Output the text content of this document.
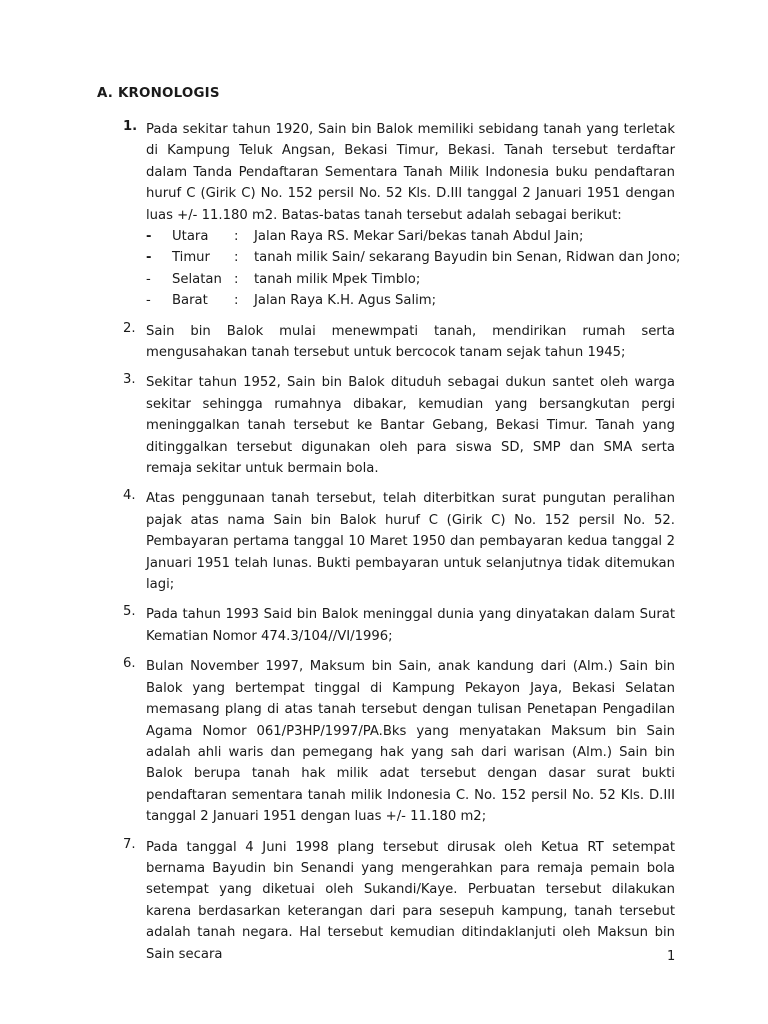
A. KRONOLOGIS
1. Pada sekitar tahun 1920, Sain bin Balok memiliki sebidang tanah yang terletak di Kampung Teluk Angsan, Bekasi Timur, Bekasi. Tanah tersebut terdaftar dalam Tanda Pendaftaran Sementara Tanah Milik Indonesia buku pendaftaran huruf C (Girik C) No. 152 persil No. 52 Kls. D.III tanggal 2 Januari 1951 dengan luas +/- 11.180 m2. Batas-batas tanah tersebut adalah sebagai berikut:

- Utara : Jalan Raya RS. Mekar Sari/bekas tanah Abdul Jain;
- Timur : tanah milik Sain/ sekarang Bayudin bin Senan, Ridwan dan Jono;
- Selatan : tanah milik Mpek Timblo;
- Barat : Jalan Raya K.H. Agus Salim;
2. Sain bin Balok mulai menewmpati tanah, mendirikan rumah serta mengusahakan tanah tersebut untuk bercocok tanam sejak tahun 1945;

3. Sekitar tahun 1952, Sain bin Balok dituduh sebagai dukun santet oleh warga sekitar sehingga rumahnya dibakar, kemudian yang bersangkutan pergi meninggalkan tanah tersebut ke Bantar Gebang, Bekasi Timur. Tanah yang ditinggalkan tersebut digunakan oleh para siswa SD, SMP dan SMA serta remaja sekitar untuk bermain bola.

4. Atas penggunaan tanah tersebut, telah diterbitkan surat pungutan peralihan pajak atas nama Sain bin Balok huruf C (Girik C) No. 152 persil No. 52. Pembayaran pertama tanggal 10 Maret 1950 dan pembayaran kedua tanggal 2 Januari 1951 telah lunas. Bukti pembayaran untuk selanjutnya tidak ditemukan lagi;

5. Pada tahun 1993 Said bin Balok meninggal dunia yang dinyatakan dalam Surat Kematian Nomor 474.3/104//VI/1996;

6. Bulan November 1997, Maksum bin Sain, anak kandung dari (Alm.) Sain bin Balok yang bertempat tinggal di Kampung Pekayon Jaya, Bekasi Selatan memasang plang di atas tanah tersebut dengan tulisan Penetapan Pengadilan Agama Nomor 061/P3HP/1997/PA.Bks yang menyatakan Maksum bin Sain adalah ahli waris dan pemegang hak yang sah dari warisan (Alm.) Sain bin Balok berupa tanah hak milik adat tersebut dengan dasar surat bukti pendaftaran sementara tanah milik Indonesia C. No. 152 persil No. 52 Kls. D.III tanggal 2 Januari 1951 dengan luas +/- 11.180 m2;

7. Pada tanggal 4 Juni 1998 plang tersebut dirusak oleh Ketua RT setempat bernama Bayudin bin Senandi yang mengerahkan para remaja pemain bola setempat yang diketuai oleh Sukandi/Kaye. Perbuatan tersebut dilakukan karena berdasarkan keterangan dari para sesepuh kampung, tanah tersebut adalah tanah negara. Hal tersebut kemudian ditindaklanjuti oleh Maksun bin Sain secara	1
